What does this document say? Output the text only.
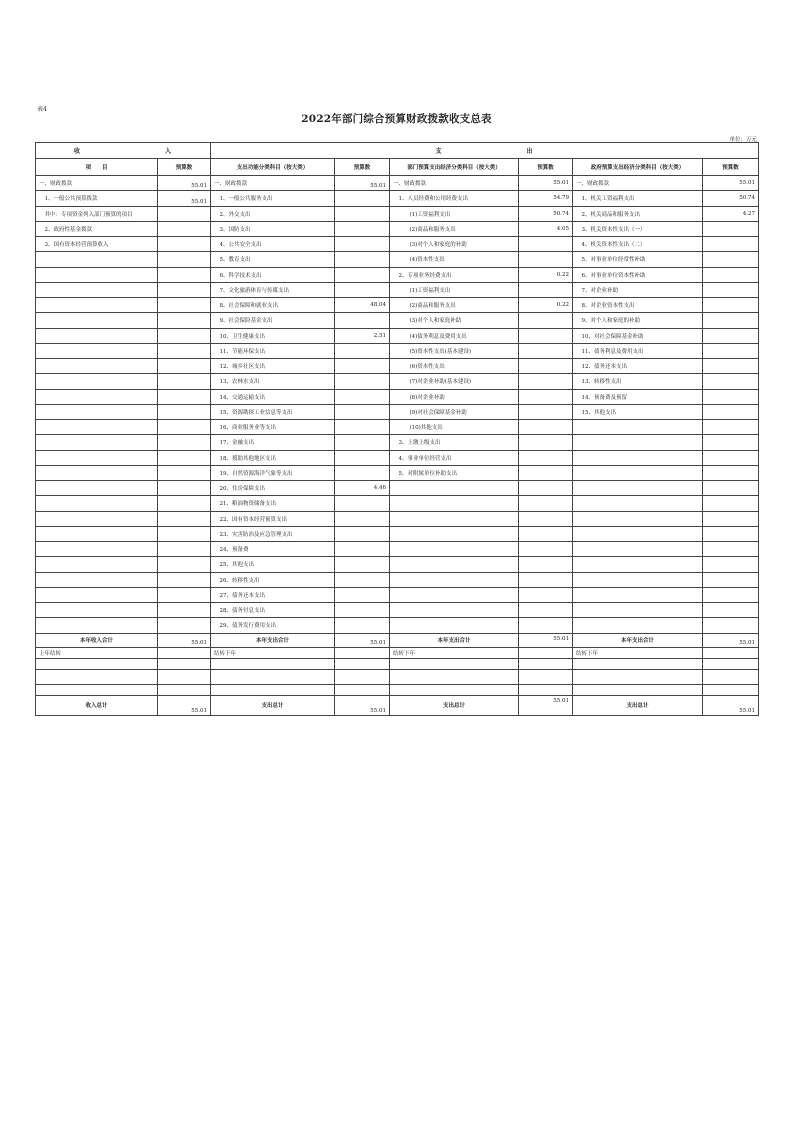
表4
2022年部门综合预算财政拨款收支总表
单位：万元
收 入		支 出					
项　　目	预算数	支出功能分类科目（按大类）	预算数	部门预算支出经济分类科目（按大类）	预算数	政府预算支出经济分类科目（按大类）	预算数
一、财政拨款	55.01	一、财政拨款	55.01	一、财政拨款	55.01	一、财政拨款	55.01
　1、一般公共预算拨款	55.01	　1、一般公共服务支出		　1、人员经费和公用经费支出	54.79	　1、机关工资福利支出	50.74
　其中：专项资金列入部门预算的项目		　2、外交支出		　　　(1)工资福利支出	50.74	　2、机关商品和服务支出	4.27
　2、政府性基金拨款		　3、国防支出		　　　(2)商品和服务支出	4.05	　3、机关资本性支出（一）	
　3、国有资本经营预算收入		　4、公共安全支出		　　　(3)对个人和家庭的补助		　4、机关资本性支出（二）	
		　5、教育支出		　　　(4)资本性支出		　5、对事业单位经常性补助	
		　6、科学技术支出		　2、专项业务经费支出	0.22	　6、对事业单位资本性补助	
		　7、文化旅游体育与传媒支出		　　　(1)工资福利支出		　7、对企业补助	
		　8、社会保障和就业支出	48.04	　　　(2)商品和服务支出	0.22	　8、对企业资本性支出	
		　9、社会保险基金支出		　　　(3)对个人和家庭补助		　9、对个人和家庭的补助	
		　10、卫生健康支出	2.51	　　　(4)债务利息及费用支出		　10、对社会保障基金补助	
		　11、节能环保支出		　　　(5)资本性支出(基本建设)		　11、债务利息及费用支出	
		　12、城乡社区支出		　　　(6)资本性支出		　12、债务还本支出	
		　13、农林水支出		　　　(7)对企业补助(基本建设)		　13、转移性支出	
		　14、交通运输支出		　　　(8)对企业补助		　14、预备费及预留	
		　15、资源勘探工业信息等支出		　　　(9)对社会保障基金补助		　15、其他支出	
		　16、商业服务业等支出		　　　(10)其他支出			
		　17、金融支出		　3、上缴上级支出			
		　18、援助其他地区支出		　4、事业单位经营支出			
		　19、自然资源海洋气象等支出		　5、对附属单位补助支出			
		　20、住房保障支出	4.46				
		　21、粮油物资储备支出					
		　22、国有资本经营预算支出					
		　23、灾害防治及应急管理支出					
		　24、预备费					
		　25、其他支出					
		　26、转移性支出					
		　27、债务还本支出					
		　28、债务付息支出					
		　29、债务发行费用支出					
本年收入合计	55.01	本年支出合计	55.01	本年支出合计	55.01	本年支出合计	55.01
上年结转		结转下年		结转下年		结转下年	

收入总计	55.01	支出总计	55.01	支出总计	55.01	支出总计	55.01
